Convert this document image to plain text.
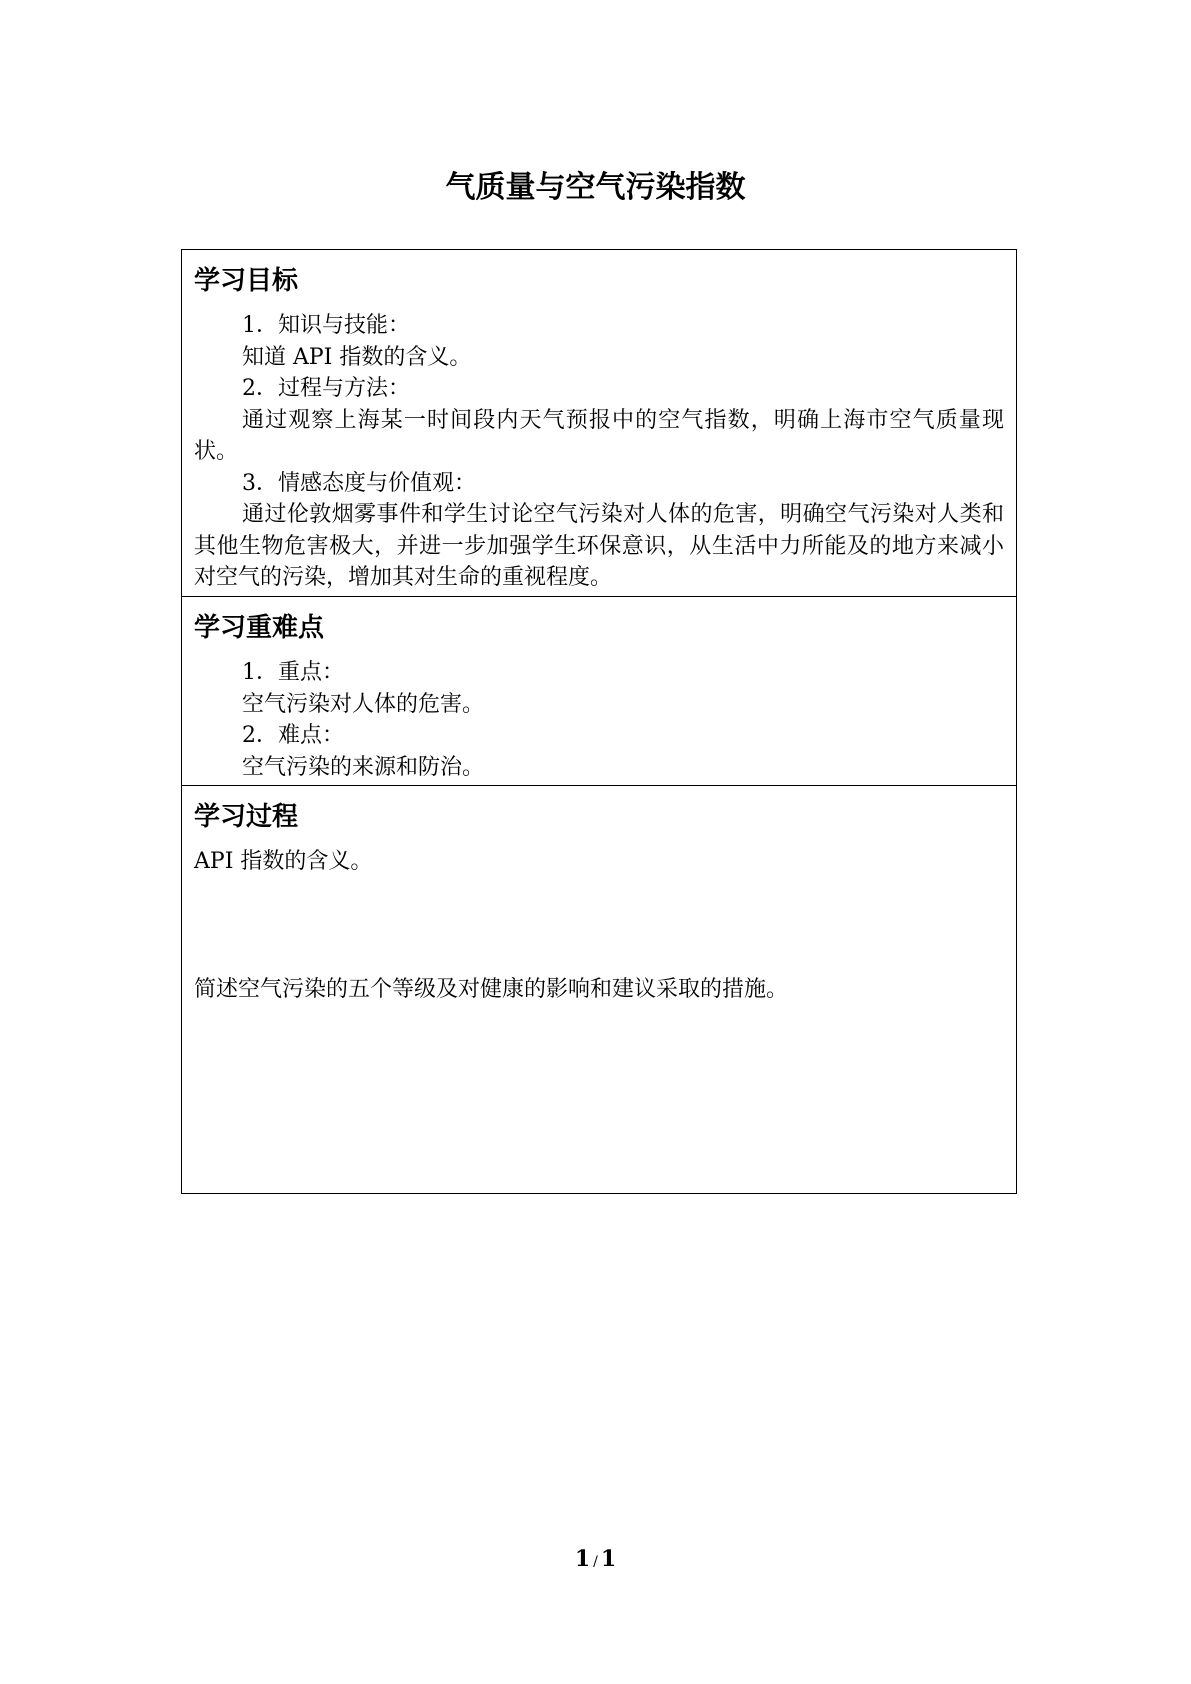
气质量与空气污染指数
学习目标

1．知识与技能：

知道 API 指数的含义。

2．过程与方法：

通过观察上海某一时间段内天气预报中的空气指数，明确上海市空气质量现状。

3．情感态度与价值观：

通过伦敦烟雾事件和学生讨论空气污染对人体的危害，明确空气污染对人类和其他生物危害极大，并进一步加强学生环保意识，从生活中力所能及的地方来减小对空气的污染，增加其对生命的重视程度。

学习重难点

1．重点：

空气污染对人体的危害。

2．难点：

空气污染的来源和防治。

学习过程

API 指数的含义。

简述空气污染的五个等级及对健康的影响和建议采取的措施。

1 / 1
